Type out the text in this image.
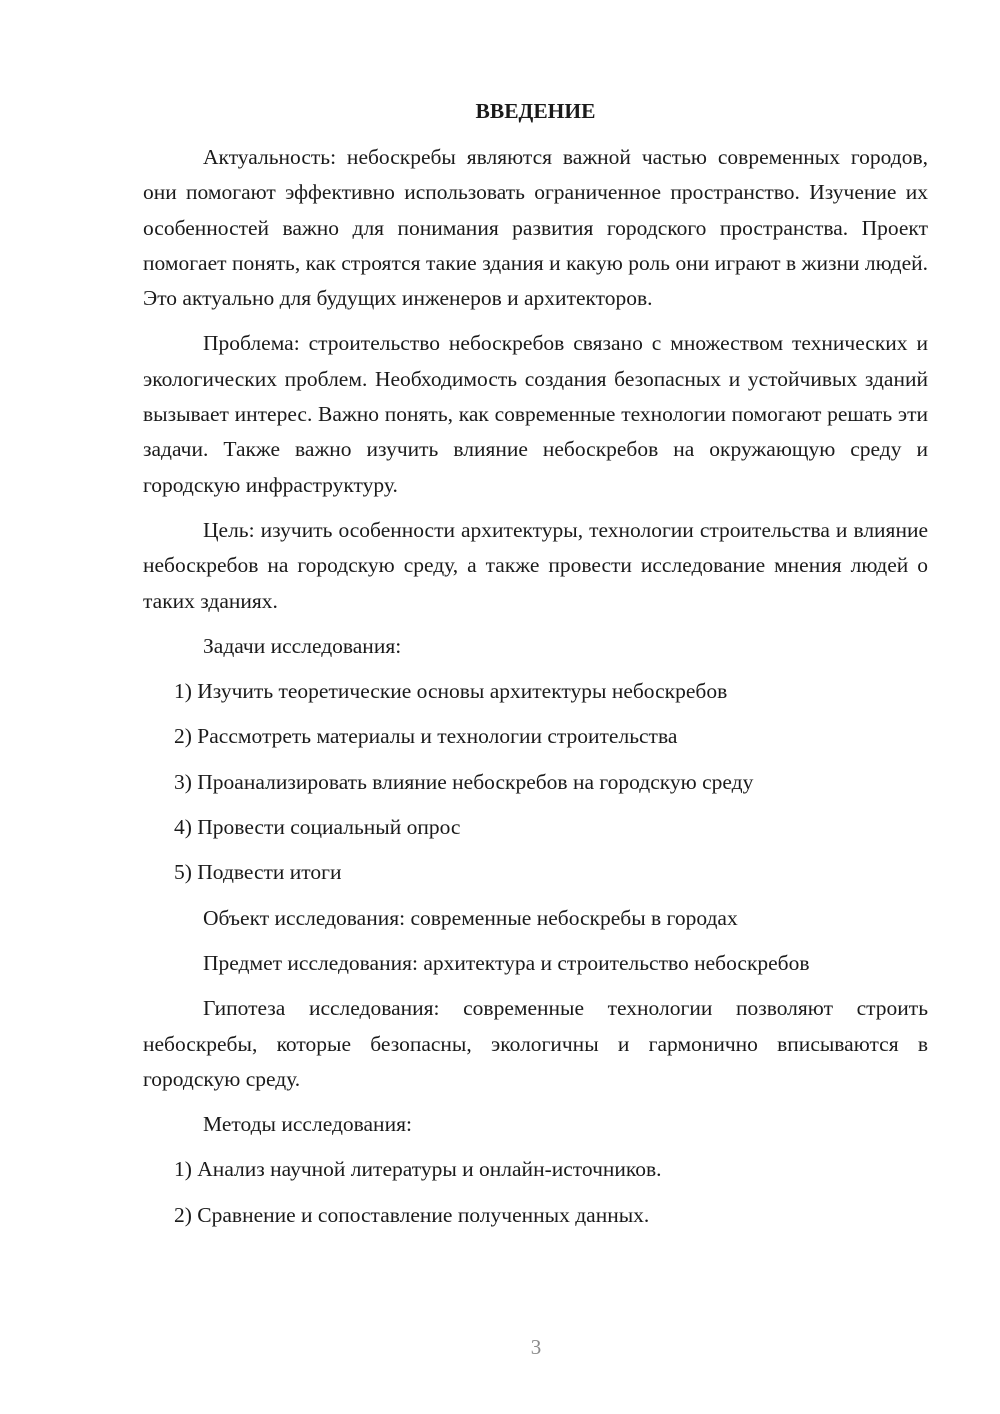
ВВЕДЕНИЕ

Актуальность: небоскребы являются важной частью современных городов, они помогают эффективно использовать ограниченное пространство. Изучение их особенностей важно для понимания развития городского пространства. Проект помогает понять, как строятся такие здания и какую роль они играют в жизни людей. Это актуально для будущих инженеров и архитекторов.

Проблема: строительство небоскребов связано с множеством технических и экологических проблем. Необходимость создания безопасных и устойчивых зданий вызывает интерес. Важно понять, как современные технологии помогают решать эти задачи. Также важно изучить влияние небоскребов на окружающую среду и городскую инфраструктуру.

Цель: изучить особенности архитектуры, технологии строительства и влияние небоскребов на городскую среду, а также провести исследование мнения людей о таких зданиях.

Задачи исследования:
1) Изучить теоретические основы архитектуры небоскребов
2) Рассмотреть материалы и технологии строительства
3) Проанализировать влияние небоскребов на городскую среду
4) Провести социальный опрос
5) Подвести итоги
Объект исследования: современные небоскребы в городах
Предмет исследования: архитектура и строительство небоскребов

Гипотеза исследования: современные технологии позволяют строить небоскребы, которые безопасны, экологичны и гармонично вписываются в городскую среду.

Методы исследования:
1) Анализ научной литературы и онлайн-источников.
2) Сравнение и сопоставление полученных данных.
3
